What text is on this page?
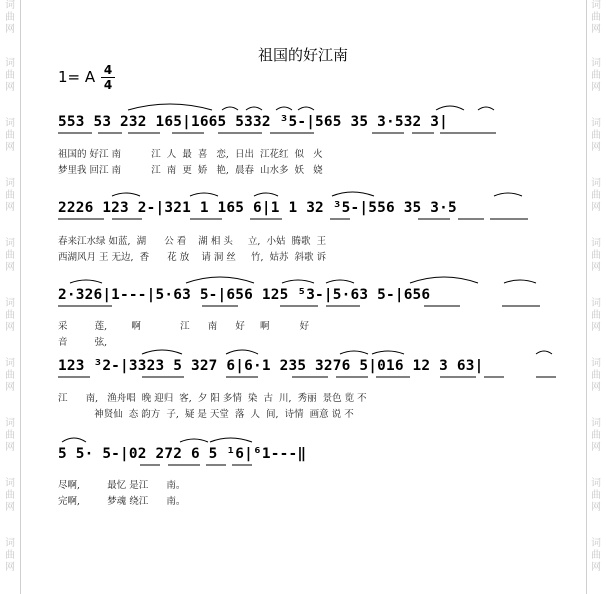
词
曲
网
词
曲
网
词
曲
网
词
曲
网
词
曲
网
词
曲
网
词
曲
网
词
曲
网
词
曲
网
词
曲
网
词
曲
网
词
曲
网
词
曲
网
词
曲
网
词
曲
网
词
曲
网
词
曲
网
词
曲
网
词
曲
网
词
曲
网
祖国的好江南
1= A 4
4
553 53 232 165|1665 5332 ³5-|565 35 3·532 3|
祖国的 好江 南          江  人  最  喜   恋,  日出  江花红  似   火
梦里我 回江 南          江  南  更  娇   艳,  晨春  山水多  妖   娆
2226 123 2-|321 1 165 6|1 1 32 ³5-|556 35 3·5
春来江水绿 如蓝,  湖      公 看    湖 相 头     立,  小姑  腾歌  王
西湖风月 王 无边,  香      花 放    请 洞 丝     竹,  姑苏  斜歌 诉
2·326|1---|5·63 5-|656 125 ⁵3-|5·63 5-|656
采         莲,        啊             江      南      好     啊          好
音         弦,
123 ³2-|3323 5 327 6|6·1 235 3276 5|016 12 3 63|
江      南,   渔舟唱  晚 迎归  客,  夕 阳 多情  染  古  川,  秀丽  景色 览 不
神贤仙  态 韵方  子,  疑 是 天堂  落  人  间,  诗情  画意 说 不
5 5· 5-|02 272 6 5 ¹6|⁶1---‖
尽啊,         最忆 是江      南。
完啊,         梦魂 绕江      南。
